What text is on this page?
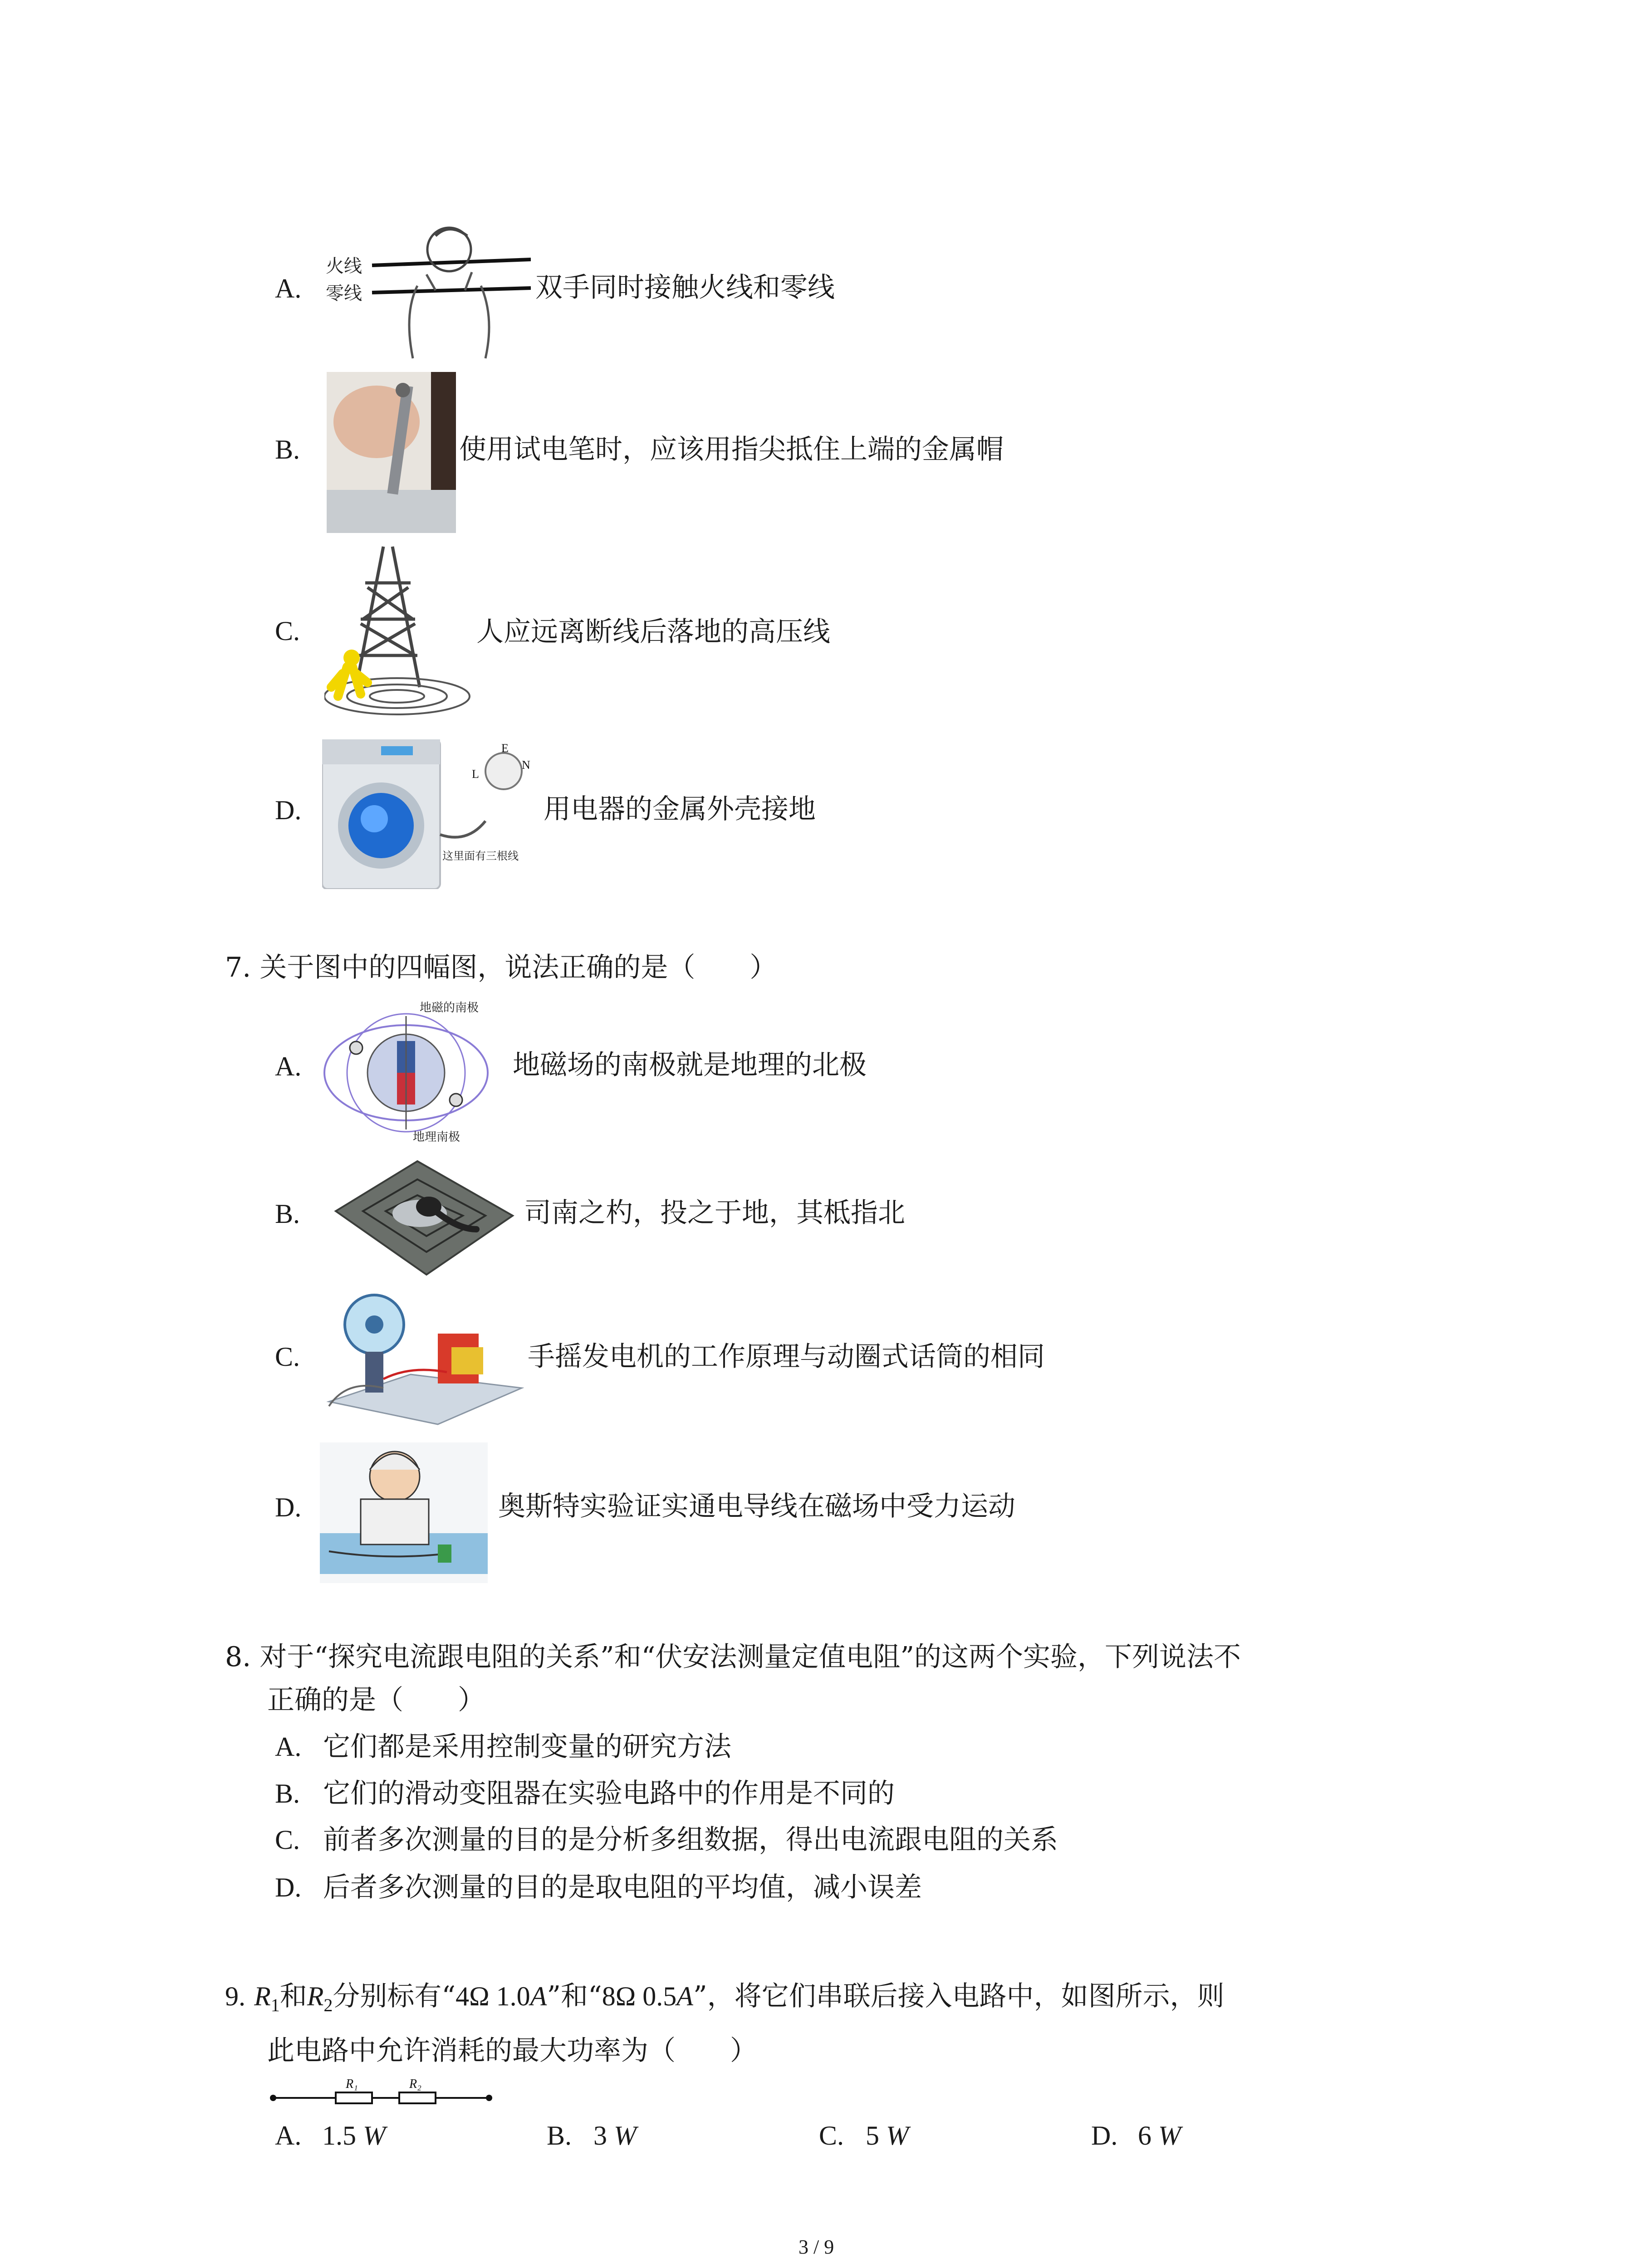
A.
火线
零线	双手同时接触火线和零线
B.	使用试电笔时，应该用指尖抵住上端的金属帽
C.	人应远离断线后落地的高压线
D.
E
L
N
这里面有三根线
用电器的金属外壳接地
7. 关于图中的四幅图，说法正确的是（　　）
A.
地磁的南极
地理南极
地磁场的南极就是地理的北极
B.	司南之杓，投之于地，其柢指北
C.	手摇发电机的工作原理与动圈式话筒的相同
D.	奥斯特实验证实通电导线在磁场中受力运动
8. 对于“探究电流跟电阻的关系”和“伏安法测量定值电阻”的这两个实验，下列说法不
正确的是（　　）
A. 它们都是采用控制变量的研究方法
B. 它们的滑动变阻器在实验电路中的作用是不同的
C. 前者多次测量的目的是分析多组数据，得出电流跟电阻的关系
D. 后者多次测量的目的是取电阻的平均值，减小误差
9. $R_1$和$R_2$分别标有“4Ω 1.0A”和“8Ω 0.5A”，将它们串联后接入电路中，如图所示，则
此电路中允许消耗的最大功率为（　　）
R₁	R₂
A. 1.5 W	B. 3 W	C. 5 W	D. 6 W
3 / 9
